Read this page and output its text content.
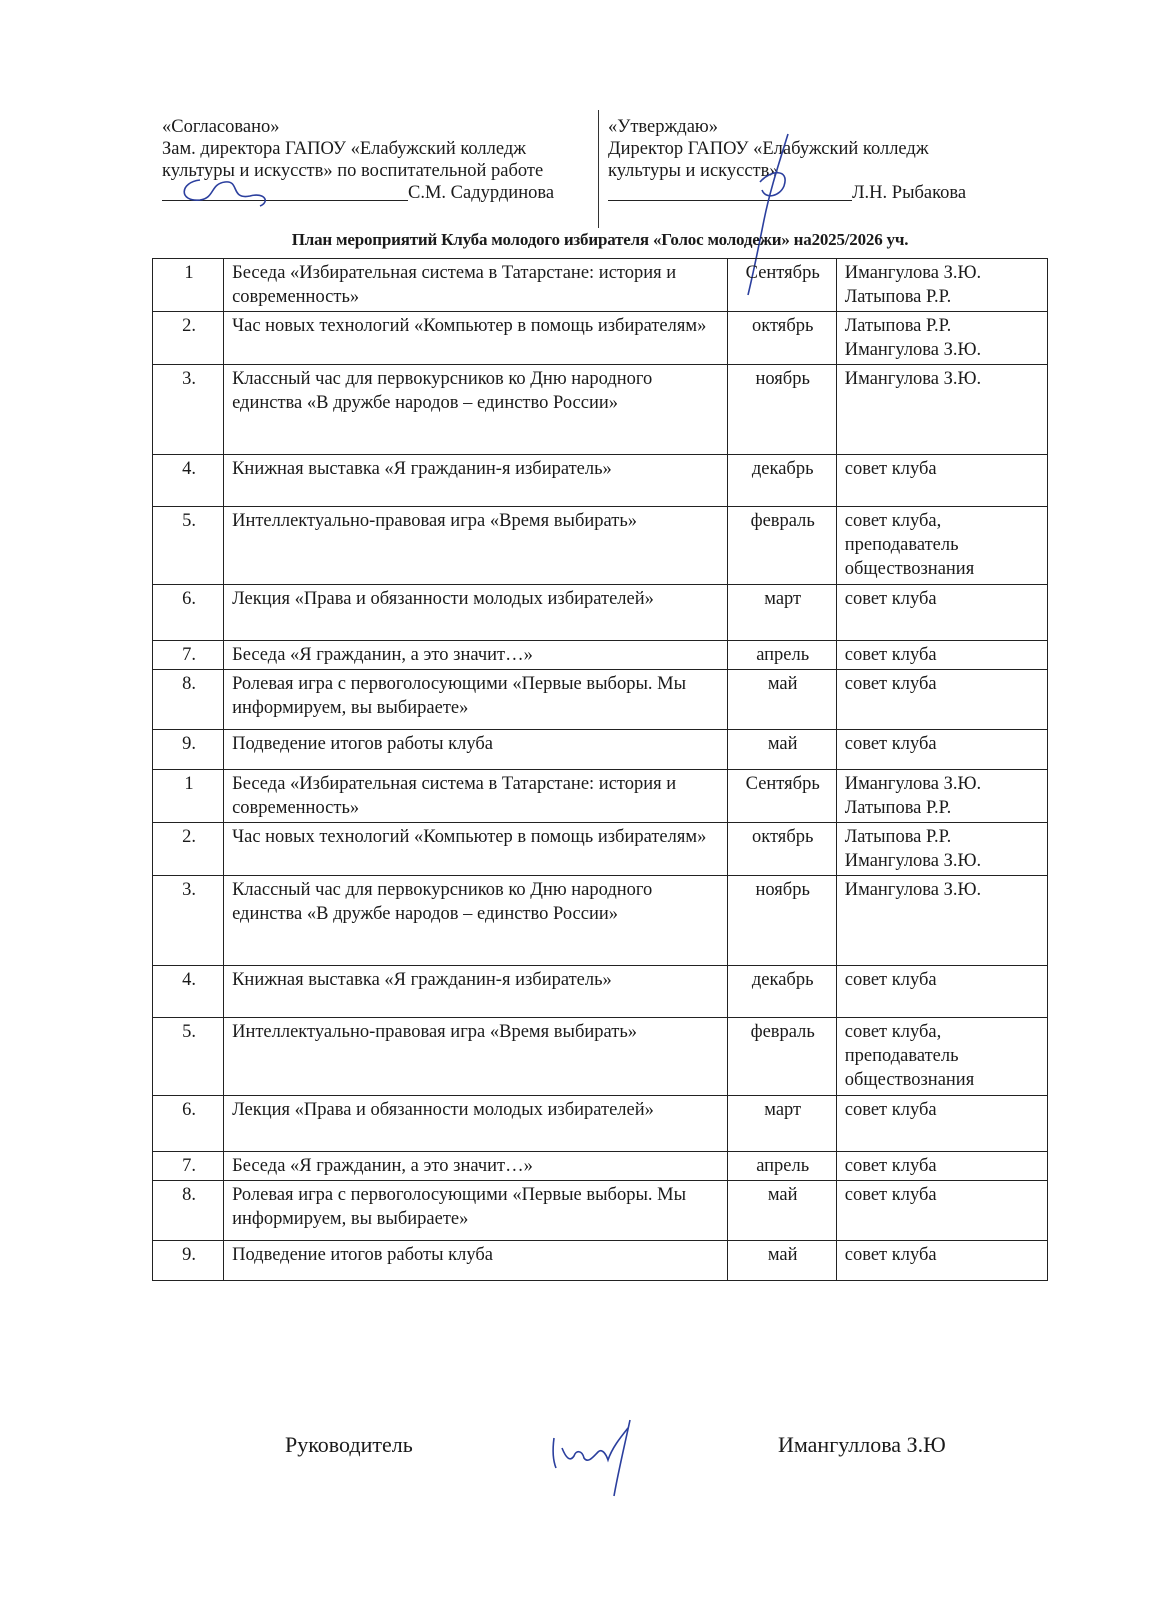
«Согласовано»
Зам. директора ГАПОУ «Елабужский колледж
культуры и искусств» по воспитательной работе
С.М. Садурдинова
«Утверждаю»
Директор ГАПОУ «Елабужский колледж
культуры и искусств»
Л.Н. Рыбакова
План мероприятий Клуба молодого избирателя «Голос молодежи» на2025/2026 уч.
1	Беседа «Избирательная система в Татарстане: история и современность»	Сентябрь	Имангулова З.Ю. Латыпова Р.Р.
2.	Час новых технологий «Компьютер в помощь избирателям»	октябрь	Латыпова Р.Р. Имангулова З.Ю.
3.	Классный час для первокурсников ко Дню народного единства «В дружбе народов – единство России»	ноябрь	Имангулова З.Ю.
4.	Книжная выставка «Я гражданин-я избиратель»	декабрь	совет клуба
5.	Интеллектуально-правовая игра «Время выбирать»	февраль	совет клуба, преподаватель обществознания
6.	Лекция «Права и обязанности молодых избирателей»	март	совет клуба
7.	Беседа «Я гражданин, а это значит…»	апрель	совет клуба
8.	Ролевая игра с первоголосующими «Первые выборы. Мы информируем, вы выбираете»	май	совет клуба
9.	Подведение итогов работы клуба	май	совет клуба
1	Беседа «Избирательная система в Татарстане: история и современность»	Сентябрь	Имангулова З.Ю. Латыпова Р.Р.
2.	Час новых технологий «Компьютер в помощь избирателям»	октябрь	Латыпова Р.Р. Имангулова З.Ю.
3.	Классный час для первокурсников ко Дню народного единства «В дружбе народов – единство России»	ноябрь	Имангулова З.Ю.
4.	Книжная выставка «Я гражданин-я избиратель»	декабрь	совет клуба
5.	Интеллектуально-правовая игра «Время выбирать»	февраль	совет клуба, преподаватель обществознания
6.	Лекция «Права и обязанности молодых избирателей»	март	совет клуба
7.	Беседа «Я гражданин, а это значит…»	апрель	совет клуба
8.	Ролевая игра с первоголосующими «Первые выборы. Мы информируем, вы выбираете»	май	совет клуба
9.	Подведение итогов работы клуба	май	совет клуба
Руководитель	Имангуллова З.Ю
